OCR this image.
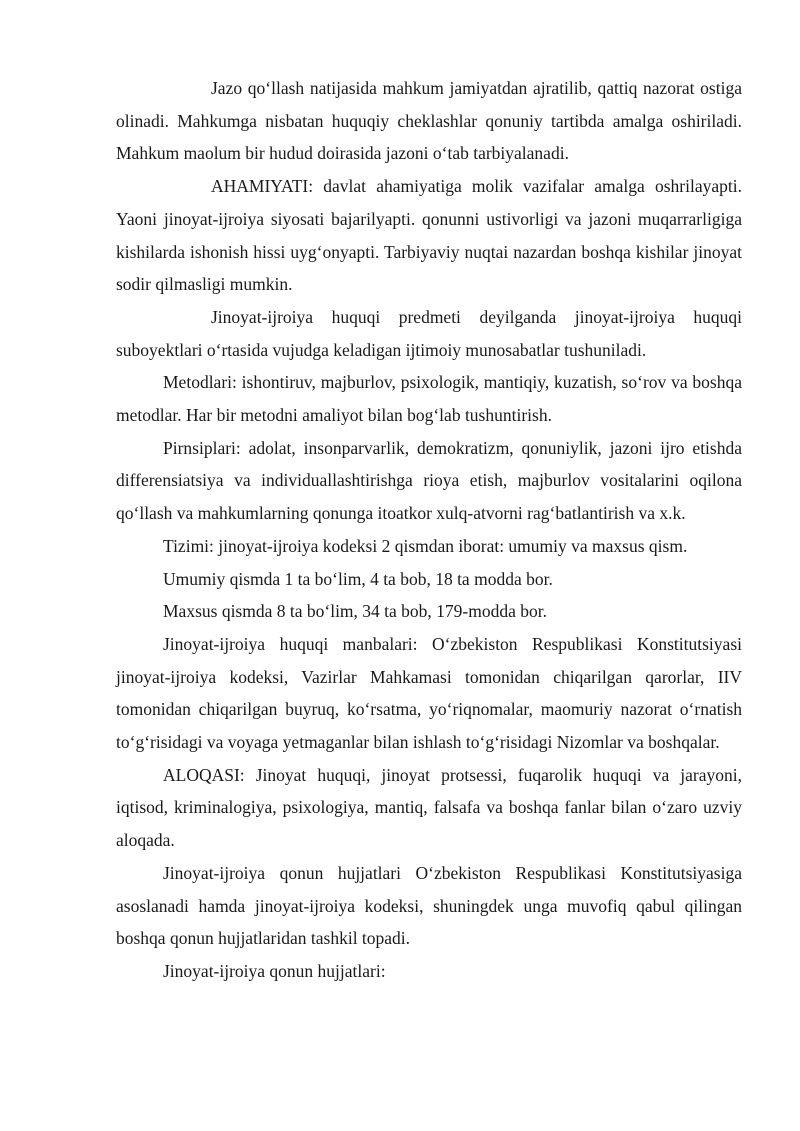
Jazo qo‘llash natijasida mahkum jamiyatdan ajratilib, qattiq nazorat ostiga olinadi. Mahkumga nisbatan huquqiy cheklashlar qonuniy tartibda amalga oshiriladi. Mahkum maolum bir hudud doirasida jazoni o‘tab tarbiyalanadi.

AHAMIYATI: davlat ahamiyatiga molik vazifalar amalga oshrilayapti. Yaoni jinoyat-ijroiya siyosati bajarilyapti. qonunni ustivorligi va jazoni muqarrarligiga kishilarda ishonish hissi uyg‘onyapti. Tarbiyaviy nuqtai nazardan boshqa kishilar jinoyat sodir qilmasligi mumkin.

Jinoyat-ijroiya huquqi predmeti deyilganda jinoyat-ijroiya huquqi suboyektlari o‘rtasida vujudga keladigan ijtimoiy munosabatlar tushuniladi.

Metodlari: ishontiruv, majburlov, psixologik, mantiqiy, kuzatish, so‘rov va boshqa metodlar. Har bir metodni amaliyot bilan bog‘lab tushuntirish.

Pirnsiplari: adolat, insonparvarlik, demokratizm, qonuniylik, jazoni ijro etishda differensiatsiya va individuallashtirishga rioya etish, majburlov vositalarini oqilona qo‘llash va mahkumlarning qonunga itoatkor xulq-atvorni rag‘batlantirish va x.k.

Tizimi: jinoyat-ijroiya kodeksi 2 qismdan iborat: umumiy va maxsus qism.

Umumiy qismda 1 ta bo‘lim, 4 ta bob, 18 ta modda bor.

Maxsus qismda 8 ta bo‘lim, 34 ta bob, 179-modda bor.

Jinoyat-ijroiya huquqi manbalari: O‘zbekiston Respublikasi Konstitutsiyasi jinoyat-ijroiya kodeksi, Vazirlar Mahkamasi tomonidan chiqarilgan qarorlar, IIV tomonidan chiqarilgan buyruq, ko‘rsatma, yo‘riqnomalar, maomuriy nazorat o‘rnatish to‘g‘risidagi va voyaga yetmaganlar bilan ishlash to‘g‘risidagi Nizomlar va boshqalar.

ALOQASI: Jinoyat huquqi, jinoyat protsessi, fuqarolik huquqi va jarayoni, iqtisod, kriminalogiya, psixologiya, mantiq, falsafa va boshqa fanlar bilan o‘zaro uzviy aloqada.

Jinoyat-ijroiya qonun hujjatlari O‘zbekiston Respublikasi Konstitutsiyasiga asoslanadi hamda jinoyat-ijroiya kodeksi, shuningdek unga muvofiq qabul qilingan boshqa qonun hujjatlaridan tashkil topadi.

Jinoyat-ijroiya qonun hujjatlari:
